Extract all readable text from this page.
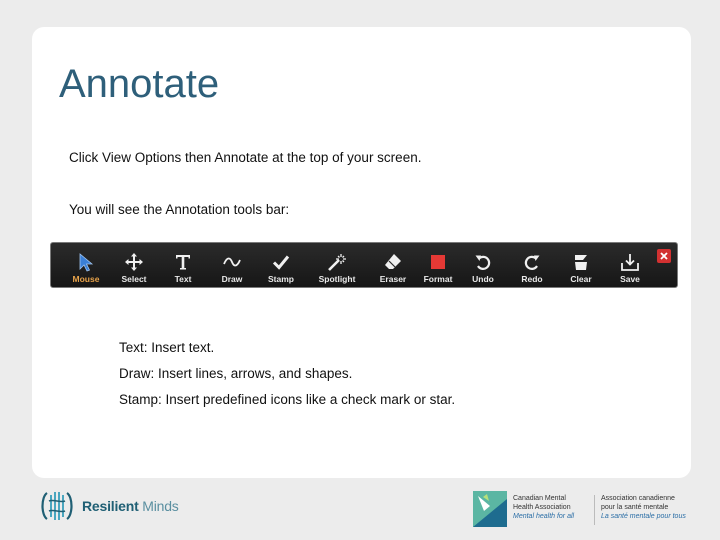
Annotate

Click View Options then Annotate at the top of your screen.

You will see the Annotation tools bar:

Mouse	Select	Text	Draw	Stamp	Spotlight	Eraser Format Undo	Redo	Clear	Save

Text: Insert text.

Draw: Insert lines, arrows, and shapes.

Stamp: Insert predefined icons like a check mark or star.

Resilient Minds	Canadian Mental
Health Association
Mental health for all
Association canadienne
pour la santé mentale
La santé mentale pour tous
